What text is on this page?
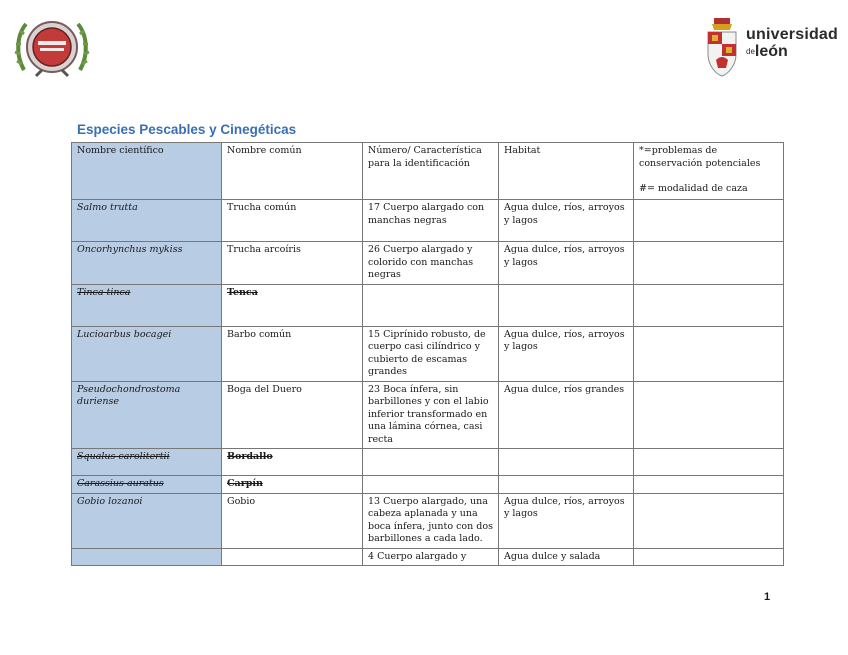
universidad
$^{de}$león
Especies Pescables y Cinegéticas
Nombre científico	Nombre común	Número/ Característica para la identificación	Habitat	*=problemas de conservación potenciales

#= modalidad de caza
Salmo trutta	Trucha común	17 Cuerpo alargado con manchas negras	Agua dulce, ríos, arroyos y lagos	
Oncorhynchus mykiss	Trucha arcoíris	26 Cuerpo alargado y colorido con manchas negras	Agua dulce, ríos, arroyos y lagos	
Tinca tinca	Tenca			
Lucioarbus bocagei	Barbo común	15 Ciprínido robusto, de cuerpo casi cilíndrico y cubierto de escamas grandes	Agua dulce, ríos, arroyos y lagos	
Pseudochondrostoma duriense	Boga del Duero	23 Boca ínfera, sin barbillones y con el labio inferior transformado en una lámina córnea, casi recta	Agua dulce, ríos grandes	
Squalus carolitertii	Bordallo			
Carassius auratus	Carpín			
Gobio lozanoi	Gobio	13 Cuerpo alargado, una cabeza aplanada y una boca ínfera, junto con dos barbillones a cada lado.	Agua dulce, ríos, arroyos y lagos	
		4 Cuerpo alargado y	Agua dulce y salada	
1
